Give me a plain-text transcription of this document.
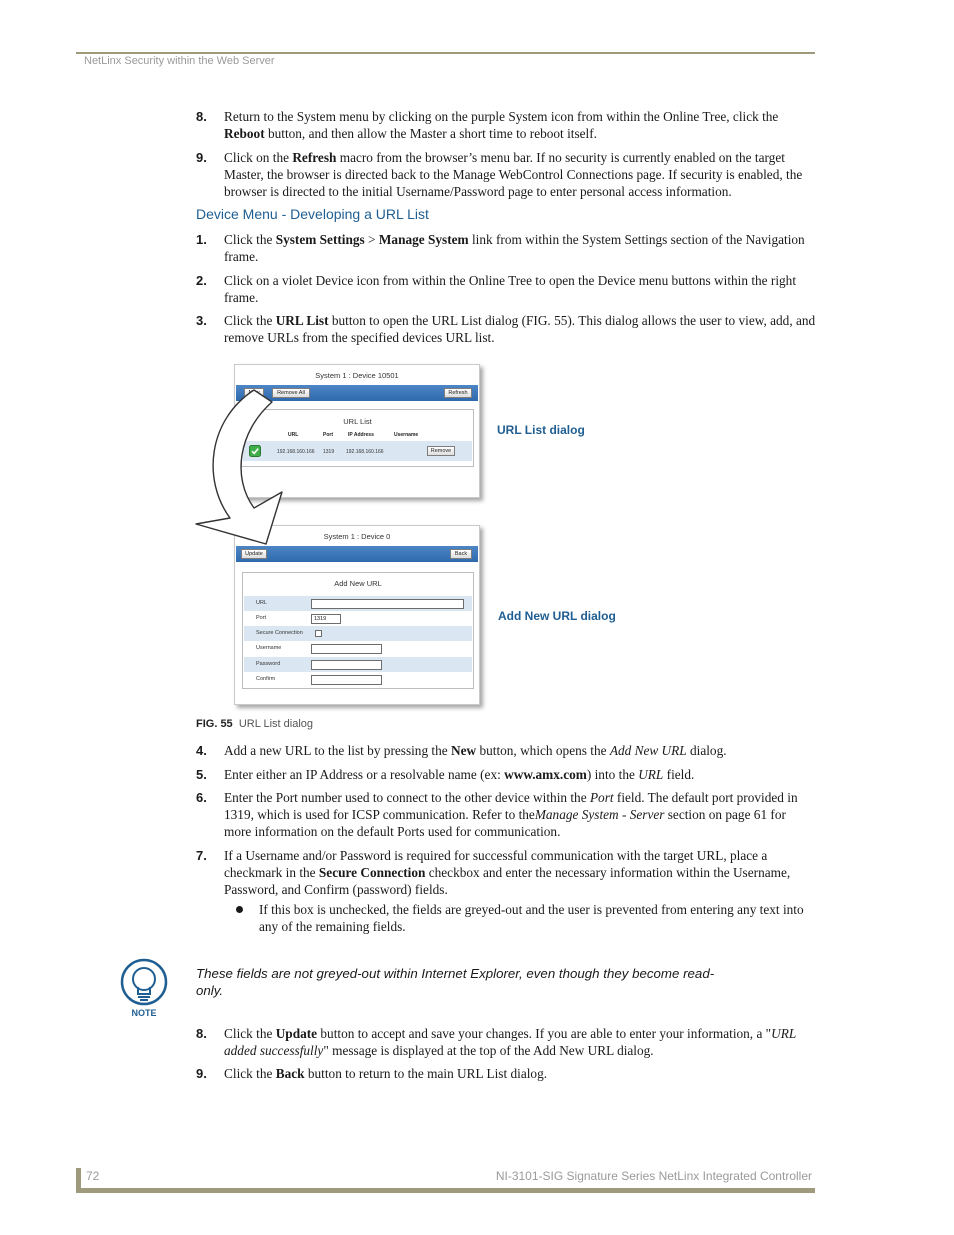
NetLinx Security within the Web Server
8. Return to the System menu by clicking on the purple System icon from within the Online Tree, click the Reboot button, and then allow the Master a short time to reboot itself.
9. Click on the Refresh macro from the browser’s menu bar. If no security is currently enabled on the target Master, the browser is directed back to the Manage WebControl Connections page. If security is enabled, the browser is directed to the initial Username/Password page to enter personal access information.
Device Menu - Developing a URL List
1. Click the System Settings > Manage System link from within the System Settings section of the Navigation frame.
2. Click on a violet Device icon from within the Online Tree to open the Device menu buttons within the right frame.
3. Click the URL List button to open the URL List dialog (FIG. 55). This dialog allows the user to view, add, and remove URLs from the specified devices URL list.
System 1 : Device 10501
Remove All	Refresh
URL List
URL	Port	IP Address	Username
192.168.160.166 1319 192.168.160.166	Remove
System 1 : Device 0
Update	Back
Add New URL
URL
Port	1319
Secure Connection
Username
Password
Confirm
URL List dialog
Add New URL dialog
FIG. 55 URL List dialog
4. Add a new URL to the list by pressing the New button, which opens the Add New URL dialog.
5. Enter either an IP Address or a resolvable name (ex: www.amx.com) into the URL field.
6. Enter the Port number used to connect to the other device within the Port field. The default port provided in 1319, which is used for ICSP communication. Refer to theManage System - Server section on page 61 for more information on the default Ports used for communication.
7. If a Username and/or Password is required for successful communication with the target URL, place a checkmark in the Secure Connection checkbox and enter the necessary information within the Username, Password, and Confirm (password) fields.
If this box is unchecked, the fields are greyed-out and the user is prevented from entering any text into any of the remaining fields.
NOTE
These fields are not greyed-out within Internet Explorer, even though they become read-only.
8. Click the Update button to accept and save your changes. If you are able to enter your information, a "URL added successfully" message is displayed at the top of the Add New URL dialog.
9. Click the Back button to return to the main URL List dialog.
72	NI-3101-SIG Signature Series NetLinx Integrated Controller
